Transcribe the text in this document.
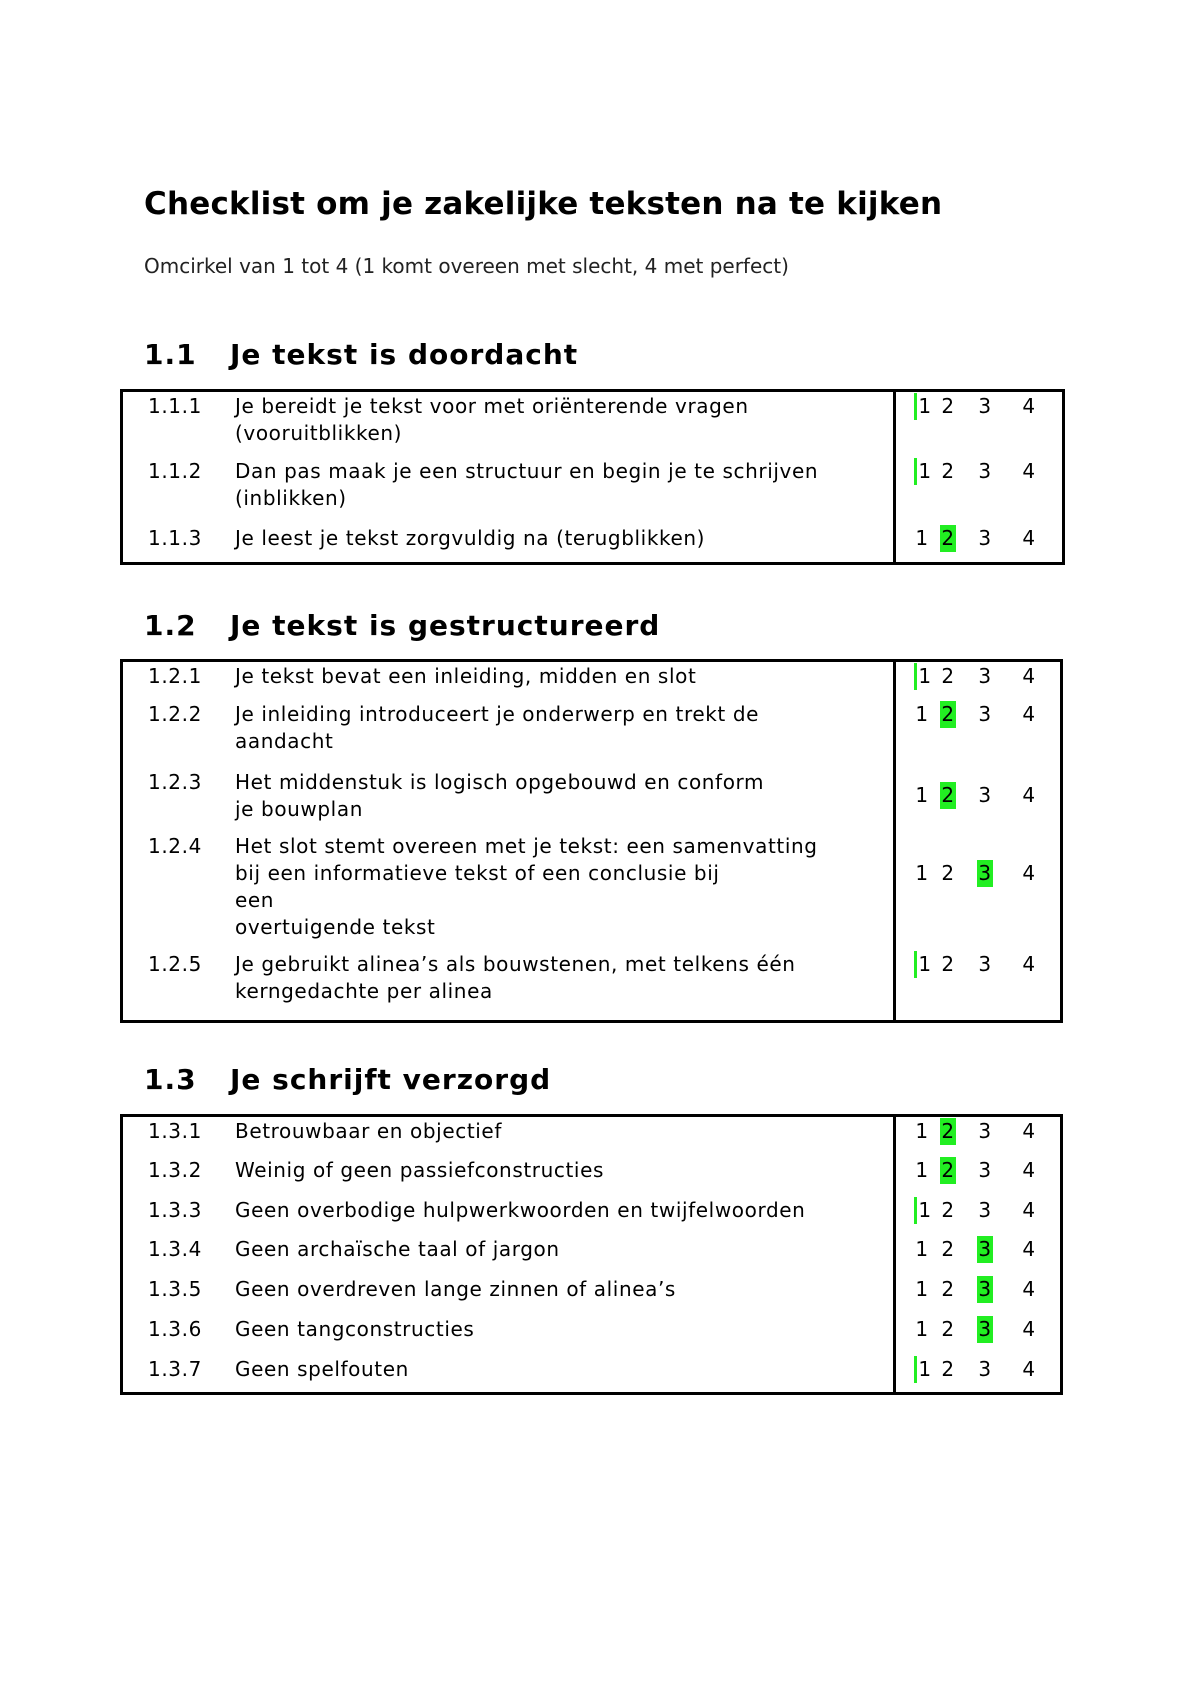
Checklist om je zakelijke teksten na te kijken
Omcirkel van 1 tot 4 (1 komt overeen met slecht, 4 met perfect)
1.1 Je tekst is doordacht
1.1.1 Je bereidt je tekst voor met oriënterende vragen
(vooruitblikken)
1 2 3 4
1.1.2 Dan pas maak je een structuur en begin je te schrijven
(inblikken)
1 2 3 4
1.1.3 Je leest je tekst zorgvuldig na (terugblikken)	1 2 3 4
1.2 Je tekst is gestructureerd
1.2.1 Je tekst bevat een inleiding, midden en slot	1 2 3 4
1.2.2 Je inleiding introduceert je onderwerp en trekt de
aandacht
1 2 3 4
1.2.3 Het middenstuk is logisch opgebouwd en conform
je bouwplan
1 2 3 4
1.2.4 Het slot stemt overeen met je tekst: een samenvatting
bij een informatieve tekst of een conclusie bij
een
overtuigende tekst
1 2 3 4
1.2.5 Je gebruikt alinea’s als bouwstenen, met telkens één
kerngedachte per alinea
1 2 3 4
1.3 Je schrijft verzorgd
1.3.1 Betrouwbaar en objectief	1 2 3 4
1.3.2 Weinig of geen passiefconstructies	1 2 3 4
1.3.3 Geen overbodige hulpwerkwoorden en twijfelwoorden	1 2 3 4
1.3.4 Geen archaïsche taal of jargon	1 2 3 4
1.3.5 Geen overdreven lange zinnen of alinea’s	1 2 3 4
1.3.6 Geen tangconstructies	1 2 3 4
1.3.7 Geen spelfouten	1 2 3 4
